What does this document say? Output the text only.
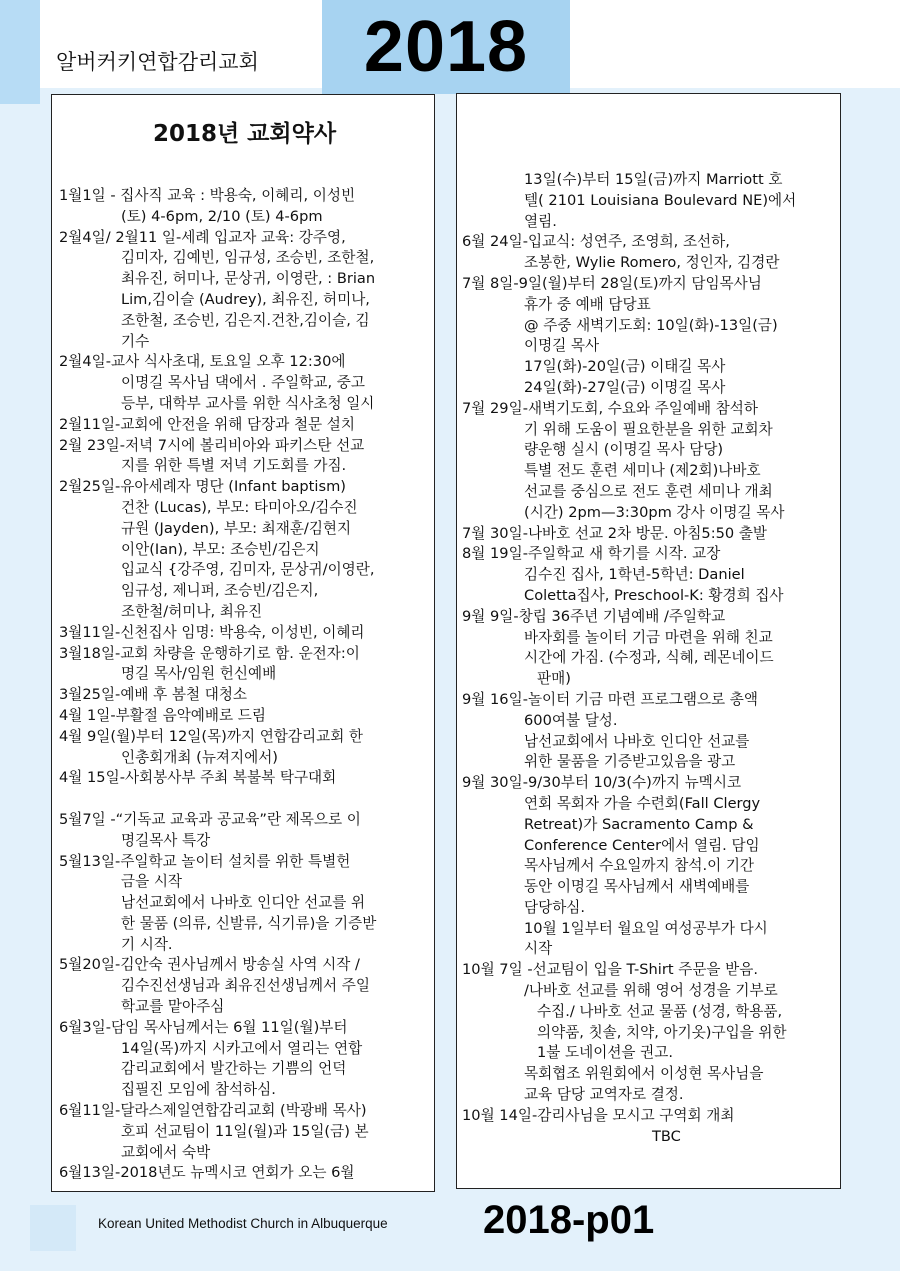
알버커키연합감리교회 2018
2018년 교회약사
1월1일 - 집사직 교육 : 박용숙, 이혜리, 이성빈
(토) 4-6pm, 2/10 (토) 4-6pm
2월4일/ 2월11 일-세례 입교자 교육: 강주영,
김미자, 김예빈, 임규성, 조승빈, 조한철,
최유진, 허미나, 문상귀, 이영란, : Brian
Lim,김이슬 (Audrey), 최유진, 허미나,
조한철, 조승빈, 김은지.건찬,김이슬, 김
기수
2월4일-교사 식사초대, 토요일 오후 12:30에
이명길 목사님 댁에서 . 주일학교, 중고
등부, 대학부 교사를 위한 식사초청 일시
2월11일-교회에 안전을 위해 담장과 철문 설치
2월 23일-저녁 7시에 볼리비아와 파키스탄 선교
지를 위한 특별 저녁 기도회를 가짐.
2월25일-유아세례자 명단 (Infant baptism)
건찬 (Lucas), 부모: 타미아오/김수진
규원 (Jayden), 부모: 최재훈/김현지
이안(Ian), 부모: 조승빈/김은지
입교식 {강주영, 김미자, 문상귀/이영란,
임규성, 제니퍼, 조승빈/김은지,
조한철/허미나, 최유진
3월11일-신천집사 임명: 박용숙, 이성빈, 이혜리
3월18일-교회 차량을 운행하기로 함. 운전자:이
명길 목사/임원 헌신예배
3월25일-예배 후 봄철 대청소
4월 1일-부활절 음악예배로 드림
4월 9일(월)부터 12일(목)까지 연합감리교회 한
인총회개최 (뉴져지에서)
4월 15일-사회봉사부 주최 복불복 탁구대회
5월7일 -“기독교 교육과 공교육”란 제목으로 이
명길목사 특강
5월13일-주일학교 놀이터 설치를 위한 특별헌
금을 시작
남선교회에서 나바호 인디안 선교를 위
한 물품 (의류, 신발류, 식기류)을 기증받
기 시작.
5월20일-김안숙 권사님께서 방송실 사역 시작 /
김수진선생님과 최유진선생님께서 주일
학교를 맡아주심
6월3일-담임 목사님께서는 6월 11일(월)부터
14일(목)까지 시카고에서 열리는 연합
감리교회에서 발간하는 기쁨의 언덕
집필진 모임에 참석하심.
6월11일-달라스제일연합감리교회 (박광배 목사)
호피 선교팀이 11일(월)과 15일(금) 본
교회에서 숙박
6월13일-2018년도 뉴멕시코 연회가 오는 6월
13일(수)부터 15일(금)까지 Marriott 호
텔( 2101 Louisiana Boulevard NE)에서
열림.
6월 24일-입교식: 성연주, 조영희, 조선하,
조봉한, Wylie Romero, 정인자, 김경란
7월 8일-9일(월)부터 28일(토)까지 담임목사님
휴가 중 예배 담당표
@ 주중 새벽기도회: 10일(화)-13일(금)
이명길 목사
17일(화)-20일(금) 이태길 목사
24일(화)-27일(금) 이명길 목사
7월 29일-새벽기도회, 수요와 주일예배 참석하
기 위해 도움이 필요한분을 위한 교회차
량운행 실시 (이명길 목사 담당)
특별 전도 훈련 세미나 (제2회)나바호
선교를 중심으로 전도 훈련 세미나 개최
(시간) 2pm—3:30pm 강사 이명길 목사
7월 30일-나바호 선교 2차 방문. 아침5:50 출발
8월 19일-주일학교 새 학기를 시작. 교장
김수진 집사, 1학년-5학년: Daniel
Coletta집사, Preschool-K: 황경희 집사
9월 9일-창립 36주년 기념예배 /주일학교
바자회를 놀이터 기금 마련을 위해 친교
시간에 가짐. (수정과, 식혜, 레몬네이드
판매)
9월 16일-놀이터 기금 마련 프로그램으로 총액
600여불 달성.
남선교회에서 나바호 인디안 선교를
위한 물품을 기증받고있음을 광고
9월 30일-9/30부터 10/3(수)까지 뉴멕시코
연회 목회자 가을 수련회(Fall Clergy
Retreat)가 Sacramento Camp &
Conference Center에서 열림. 담임
목사님께서 수요일까지 참석.이 기간
동안 이명길 목사님께서 새벽예배를
담당하심.
10월 1일부터 월요일 여성공부가 다시
시작
10월 7일 -선교팀이 입을 T-Shirt 주문을 받음.
/나바호 선교를 위해 영어 성경을 기부로
수집./ 나바호 선교 물품 (성경, 학용품,
의약품, 칫솔, 치약, 아기옷)구입을 위한
1불 도네이션을 권고.
목회협조 위원회에서 이성현 목사님을
교육 담당 교역자로 결정.
10월 14일-감리사님을 모시고 구역회 개최
TBC
Korean United Methodist Church in Albuquerque 2018-p01
